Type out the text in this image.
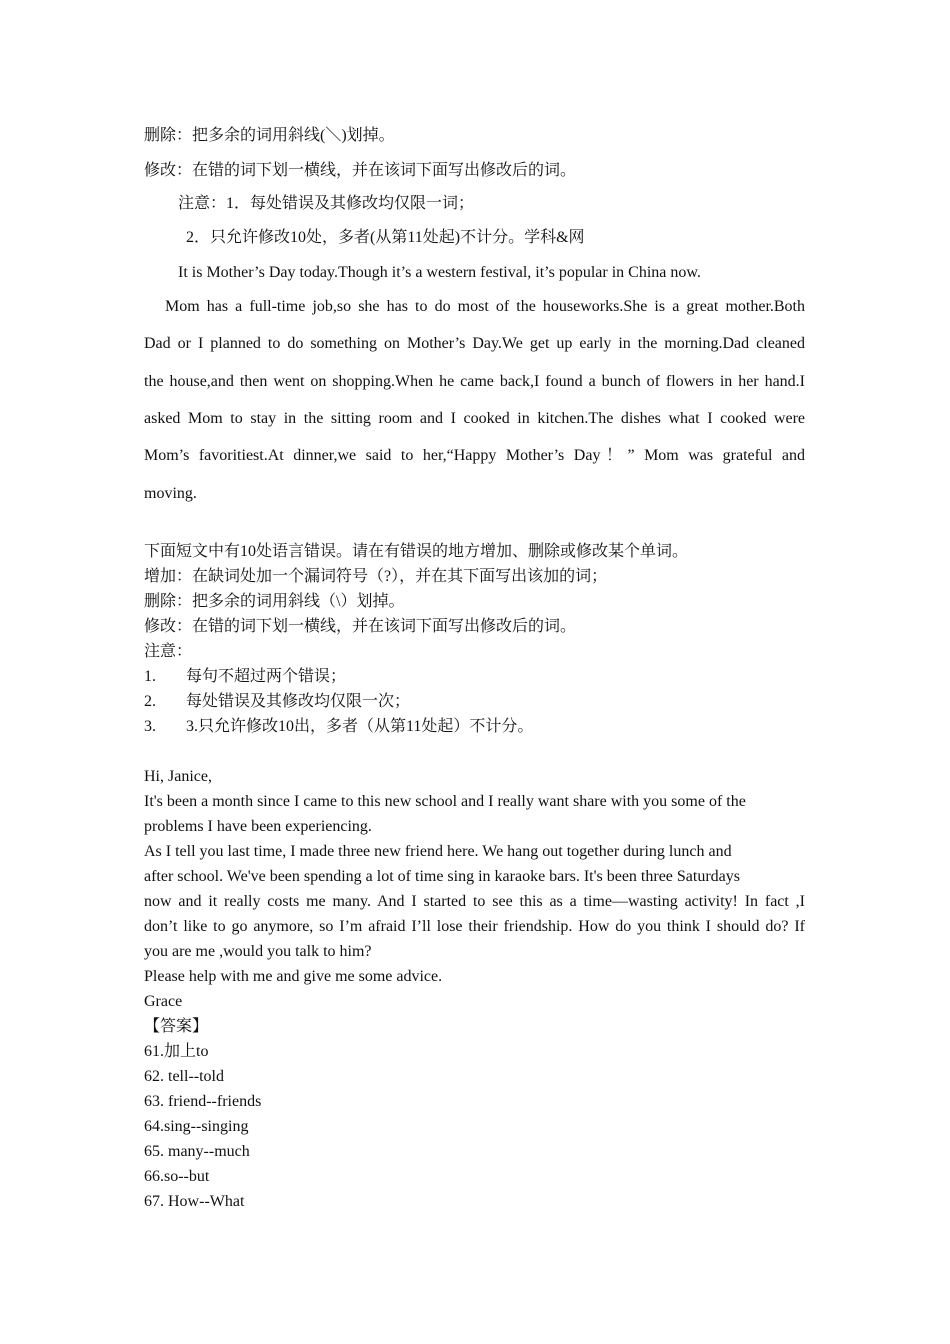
删除：把多余的词用斜线(＼)划掉。
修改：在错的词下划一横线，并在该词下面写出修改后的词。
注意：1．每处错误及其修改均仅限一词；
2．只允许修改10处，多者(从第11处起)不计分。学科&网
It is Mother’s Day today.Though it’s a western festival, it’s popular in China now.
Mom has a full-time job,so she has to do most of the houseworks.She is a great mother.Both
Dad or I planned to do something on Mother’s Day.We get up early in the morning.Dad cleaned
the house,and then went on shopping.When he came back,I found a bunch of flowers in her hand.I
asked Mom to stay in the sitting room and I cooked in kitchen.The dishes what I cooked were
Mom’s favoritiest.At dinner,we said to her,“Happy Mother’s Day！” Mom was grateful and
moving.
下面短文中有10处语言错误。请在有错误的地方增加、删除或修改某个单词。
增加：在缺词处加一个漏词符号（?），并在其下面写出该加的词；
删除：把多余的词用斜线（\）划掉。
修改：在错的词下划一横线，并在该词下面写出修改后的词。
注意：
1. 每句不超过两个错误；
2. 每处错误及其修改均仅限一次；
3. 3.只允许修改10出，多者（从第11处起）不计分。
Hi, Janice,
It's been a month since I came to this new school and I really want share with you some of the
problems I have been experiencing.
As I tell you last time, I made three new friend here. We hang out together during lunch and
after school. We've been spending a lot of time sing in karaoke bars. It's been three Saturdays
now and it really costs me many. And I started to see this as a time—wasting activity! In fact ,I
don’t like to go anymore, so I’m afraid I’ll lose their friendship. How do you think I should do? If
you are me ,would you talk to him?
Please help with me and give me some advice.
Grace
【答案】
61.加上to
62. tell--told
63. friend--friends
64.sing--singing
65. many--much
66.so--but
67. How--What
